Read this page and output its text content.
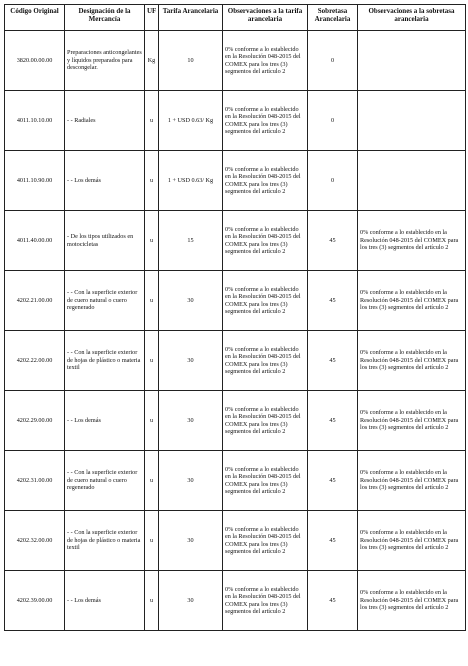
Código Original	Designación de la Mercancía	UF	Tarifa Arancelaria	Observaciones a la tarifa arancelaria	Sobretasa Arancelaria	Observaciones a la sobretasa arancelaria
3820.00.00.00	Preparaciones anticongelantes y líquidos preparados para descongelar.	Kg	10	0% conforme a lo establecido en la Resolución 048-2015 del COMEX para los tres (3) segmentos del artículo 2	0	
4011.10.10.00	- - Radiales	u	1 + USD 0.63/ Kg	0% conforme a lo establecido en la Resolución 048-2015 del COMEX para los tres (3) segmentos del artículo 2	0	
4011.10.90.00	- - Los demás	u	1 + USD 0.63/ Kg	0% conforme a lo establecido en la Resolución 048-2015 del COMEX para los tres (3) segmentos del artículo 2	0	
4011.40.00.00	- De los tipos utilizados en motocicletas	u	15	0% conforme a lo establecido en la Resolución 048-2015 del COMEX para los tres (3) segmentos del artículo 2	45	0% conforme a lo establecido en la Resolución 048-2015 del COMEX para los tres (3) segmentos del artículo 2
4202.21.00.00	- - Con la superficie exterior de cuero natural o cuero regenerado	u	30	0% conforme a lo establecido en la Resolución 048-2015 del COMEX para los tres (3) segmentos del artículo 2	45	0% conforme a lo establecido en la Resolución 048-2015 del COMEX para los tres (3) segmentos del artículo 2
4202.22.00.00	- - Con la superficie exterior de hojas de plástico o materia textil	u	30	0% conforme a lo establecido en la Resolución 048-2015 del COMEX para los tres (3) segmentos del artículo 2	45	0% conforme a lo establecido en la Resolución 048-2015 del COMEX para los tres (3) segmentos del artículo 2
4202.29.00.00	- - Los demás	u	30	0% conforme a lo establecido en la Resolución 048-2015 del COMEX para los tres (3) segmentos del artículo 2	45	0% conforme a lo establecido en la Resolución 048-2015 del COMEX para los tres (3) segmentos del artículo 2
4202.31.00.00	- - Con la superficie exterior de cuero natural o cuero regenerado	u	30	0% conforme a lo establecido en la Resolución 048-2015 del COMEX para los tres (3) segmentos del artículo 2	45	0% conforme a lo establecido en la Resolución 048-2015 del COMEX para los tres (3) segmentos del artículo 2
4202.32.00.00	- - Con la superficie exterior de hojas de plástico o materia textil	u	30	0% conforme a lo establecido en la Resolución 048-2015 del COMEX para los tres (3) segmentos del artículo 2	45	0% conforme a lo establecido en la Resolución 048-2015 del COMEX para los tres (3) segmentos del artículo 2
4202.39.00.00	- - Los demás	u	30	0% conforme a lo establecido en la Resolución 048-2015 del COMEX para los tres (3) segmentos del artículo 2	45	0% conforme a lo establecido en la Resolución 048-2015 del COMEX para los tres (3) segmentos del artículo 2
